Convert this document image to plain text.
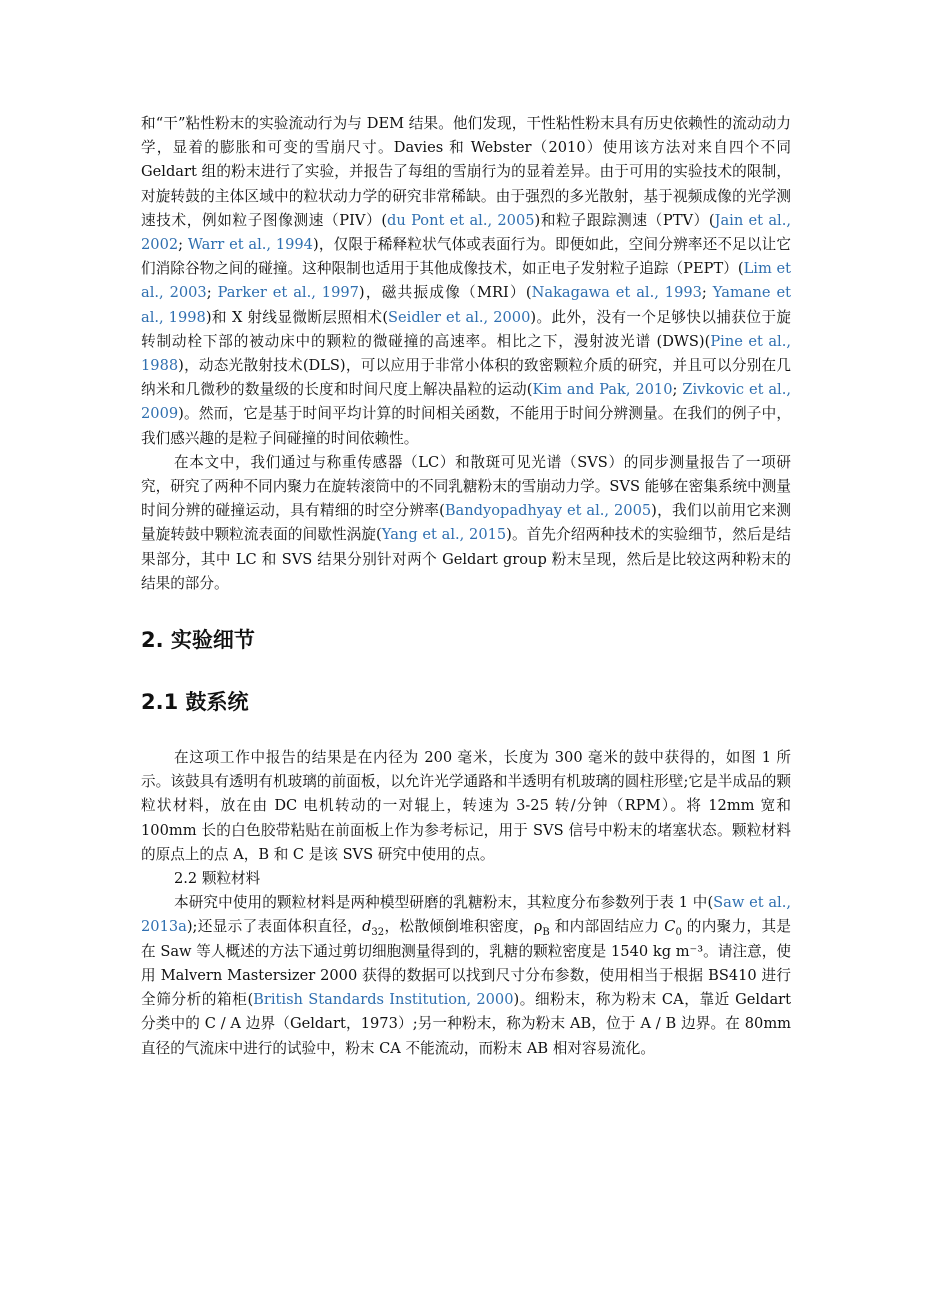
和“干”粘性粉末的实验流动行为与 DEM 结果。他们发现，干性粘性粉末具有历史依赖性的流动动力学，显着的膨胀和可变的雪崩尺寸。Davies 和 Webster（2010）使用该方法对来自四个不同 Geldart 组的粉末进行了实验，并报告了每组的雪崩行为的显着差异。由于可用的实验技术的限制，对旋转鼓的主体区域中的粒状动力学的研究非常稀缺。由于强烈的多光散射，基于视频成像的光学测速技术，例如粒子图像测速（PIV）(du Pont et al., 2005)和粒子跟踪测速（PTV）(Jain et al., 2002; Warr et al., 1994)，仅限于稀释粒状气体或表面行为。即便如此，空间分辨率还不足以让它们消除谷物之间的碰撞。这种限制也适用于其他成像技术，如正电子发射粒子追踪（PEPT）(Lim et al., 2003; Parker et al., 1997)，磁共振成像（MRI）(Nakagawa et al., 1993; Yamane et al., 1998)和 X 射线显微断层照相术(Seidler et al., 2000)。此外，没有一个足够快以捕获位于旋转制动栓下部的被动床中的颗粒的微碰撞的高速率。相比之下，漫射波光谱 (DWS)(Pine et al., 1988)，动态光散射技术(DLS)，可以应用于非常小体积的致密颗粒介质的研究，并且可以分别在几纳米和几微秒的数量级的长度和时间尺度上解决晶粒的运动(Kim and Pak, 2010; Zivkovic et al., 2009)。然而，它是基于时间平均计算的时间相关函数，不能用于时间分辨测量。在我们的例子中，我们感兴趣的是粒子间碰撞的时间依赖性。

在本文中，我们通过与称重传感器（LC）和散斑可见光谱（SVS）的同步测量报告了一项研究，研究了两种不同内聚力在旋转滚筒中的不同乳糖粉末的雪崩动力学。SVS 能够在密集系统中测量时间分辨的碰撞运动，具有精细的时空分辨率(Bandyopadhyay et al., 2005)，我们以前用它来测量旋转鼓中颗粒流表面的间歇性涡旋(Yang et al., 2015)。首先介绍两种技术的实验细节，然后是结果部分，其中 LC 和 SVS 结果分别针对两个 Geldart group 粉末呈现，然后是比较这两种粉末的结果的部分。

2. 实验细节
2.1 鼓系统

在这项工作中报告的结果是在内径为 200 毫米，长度为 300 毫米的鼓中获得的，如图 1 所示。该鼓具有透明有机玻璃的前面板，以允许光学通路和半透明有机玻璃的圆柱形壁;它是半成品的颗粒状材料，放在由 DC 电机转动的一对辊上，转速为 3-25 转/分钟（RPM）。将 12mm 宽和 100mm 长的白色胶带粘贴在前面板上作为参考标记，用于 SVS 信号中粉末的堵塞状态。颗粒材料的原点上的点 A，B 和 C 是该 SVS 研究中使用的点。

2.2 颗粒材料

本研究中使用的颗粒材料是两种模型研磨的乳糖粉末，其粒度分布参数列于表 1 中(Saw et al., 2013a);还显示了表面体积直径，$d_{32}$，松散倾倒堆积密度，$\rho_B$ 和内部固结应力 $C_0$ 的内聚力，其是在 Saw 等人概述的方法下通过剪切细胞测量得到的，乳糖的颗粒密度是 1540 kg m⁻³。请注意，使用 Malvern Mastersizer 2000 获得的数据可以找到尺寸分布参数，使用相当于根据 BS410 进行全筛分析的箱柜(British Standards Institution, 2000)。细粉末，称为粉末 CA，靠近 Geldart 分类中的 C / A 边界（Geldart，1973）;另一种粉末，称为粉末 AB，位于 A / B 边界。在 80mm 直径的气流床中进行的试验中，粉末 CA 不能流动，而粉末 AB 相对容易流化。
